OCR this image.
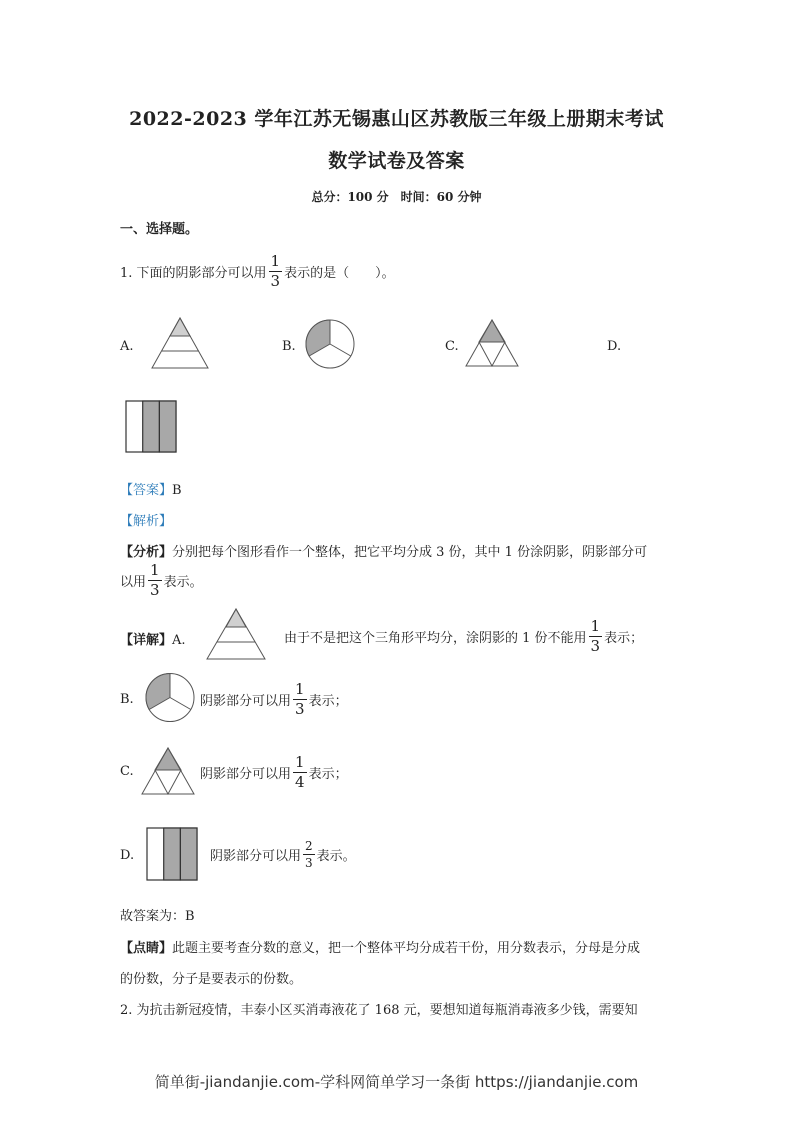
2022-2023 学年江苏无锡惠山区苏教版三年级上册期末考试
数学试卷及答案
总分：100 分　时间：60 分钟
一、选择题。
1. 下面的阴影部分可以用 $\frac{1}{3}$ 表示的是（　　）。
A.	B.	C.	D.
【答案】B
【解析】
【分析】分别把每个图形看作一个整体，把它平均分成 3 份，其中 1 份涂阴影，阴影部分可
以用 $\frac{1}{3}$ 表示。
【详解】A.	由于不是把这个三角形平均分，涂阴影的 1 份不能用 $\frac{1}{3}$ 表示；
B.	阴影部分可以用 $\frac{1}{3}$ 表示；
C.	阴影部分可以用 $\frac{1}{4}$ 表示；
D.	阴影部分可以用 $\frac{2}{3}$ 表示。
故答案为：B
【点睛】此题主要考查分数的意义，把一个整体平均分成若干份，用分数表示，分母是分成
的份数，分子是要表示的份数。
2. 为抗击新冠疫情，丰泰小区买消毒液花了 168 元，要想知道每瓶消毒液多少钱，需要知
简单街-jiandanjie.com-学科网简单学习一条街 https://jiandanjie.com
